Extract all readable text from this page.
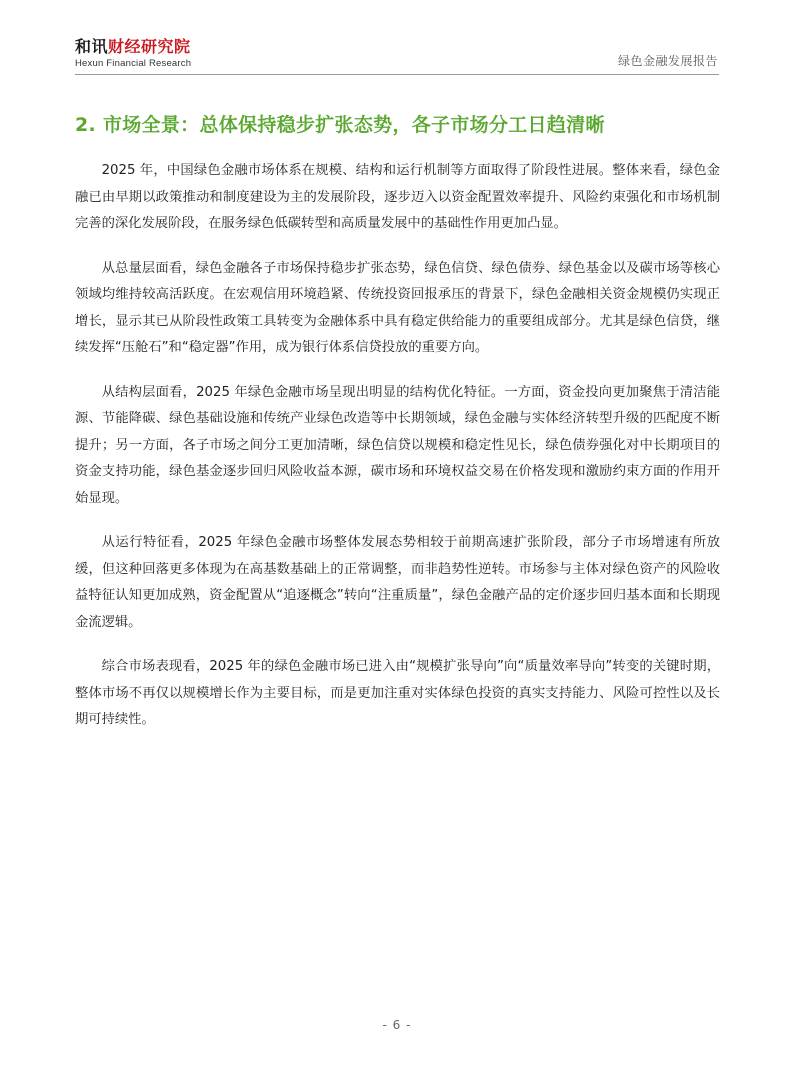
和讯财经研究院
Hexun Financial Research	绿色金融发展报告
2. 市场全景：总体保持稳步扩张态势，各子市场分工日趋清晰

2025 年，中国绿色金融市场体系在规模、结构和运行机制等方面取得了阶段性进展。整体来看，绿色金融已由早期以政策推动和制度建设为主的发展阶段，逐步迈入以资金配置效率提升、风险约束强化和市场机制完善的深化发展阶段，在服务绿色低碳转型和高质量发展中的基础性作用更加凸显。

从总量层面看，绿色金融各子市场保持稳步扩张态势，绿色信贷、绿色债券、绿色基金以及碳市场等核心领域均维持较高活跃度。在宏观信用环境趋紧、传统投资回报承压的背景下，绿色金融相关资金规模仍实现正增长，显示其已从阶段性政策工具转变为金融体系中具有稳定供给能力的重要组成部分。尤其是绿色信贷，继续发挥“压舱石”和“稳定器”作用，成为银行体系信贷投放的重要方向。

从结构层面看，2025 年绿色金融市场呈现出明显的结构优化特征。一方面，资金投向更加聚焦于清洁能源、节能降碳、绿色基础设施和传统产业绿色改造等中长期领域，绿色金融与实体经济转型升级的匹配度不断提升；另一方面，各子市场之间分工更加清晰，绿色信贷以规模和稳定性见长，绿色债券强化对中长期项目的资金支持功能，绿色基金逐步回归风险收益本源，碳市场和环境权益交易在价格发现和激励约束方面的作用开始显现。

从运行特征看，2025 年绿色金融市场整体发展态势相较于前期高速扩张阶段，部分子市场增速有所放缓，但这种回落更多体现为在高基数基础上的正常调整，而非趋势性逆转。市场参与主体对绿色资产的风险收益特征认知更加成熟，资金配置从“追逐概念”转向“注重质量”，绿色金融产品的定价逐步回归基本面和长期现金流逻辑。

综合市场表现看，2025 年的绿色金融市场已进入由“规模扩张导向”向“质量效率导向”转变的关键时期，整体市场不再仅以规模增长作为主要目标，而是更加注重对实体绿色投资的真实支持能力、风险可控性以及长期可持续性。

- 6 -
